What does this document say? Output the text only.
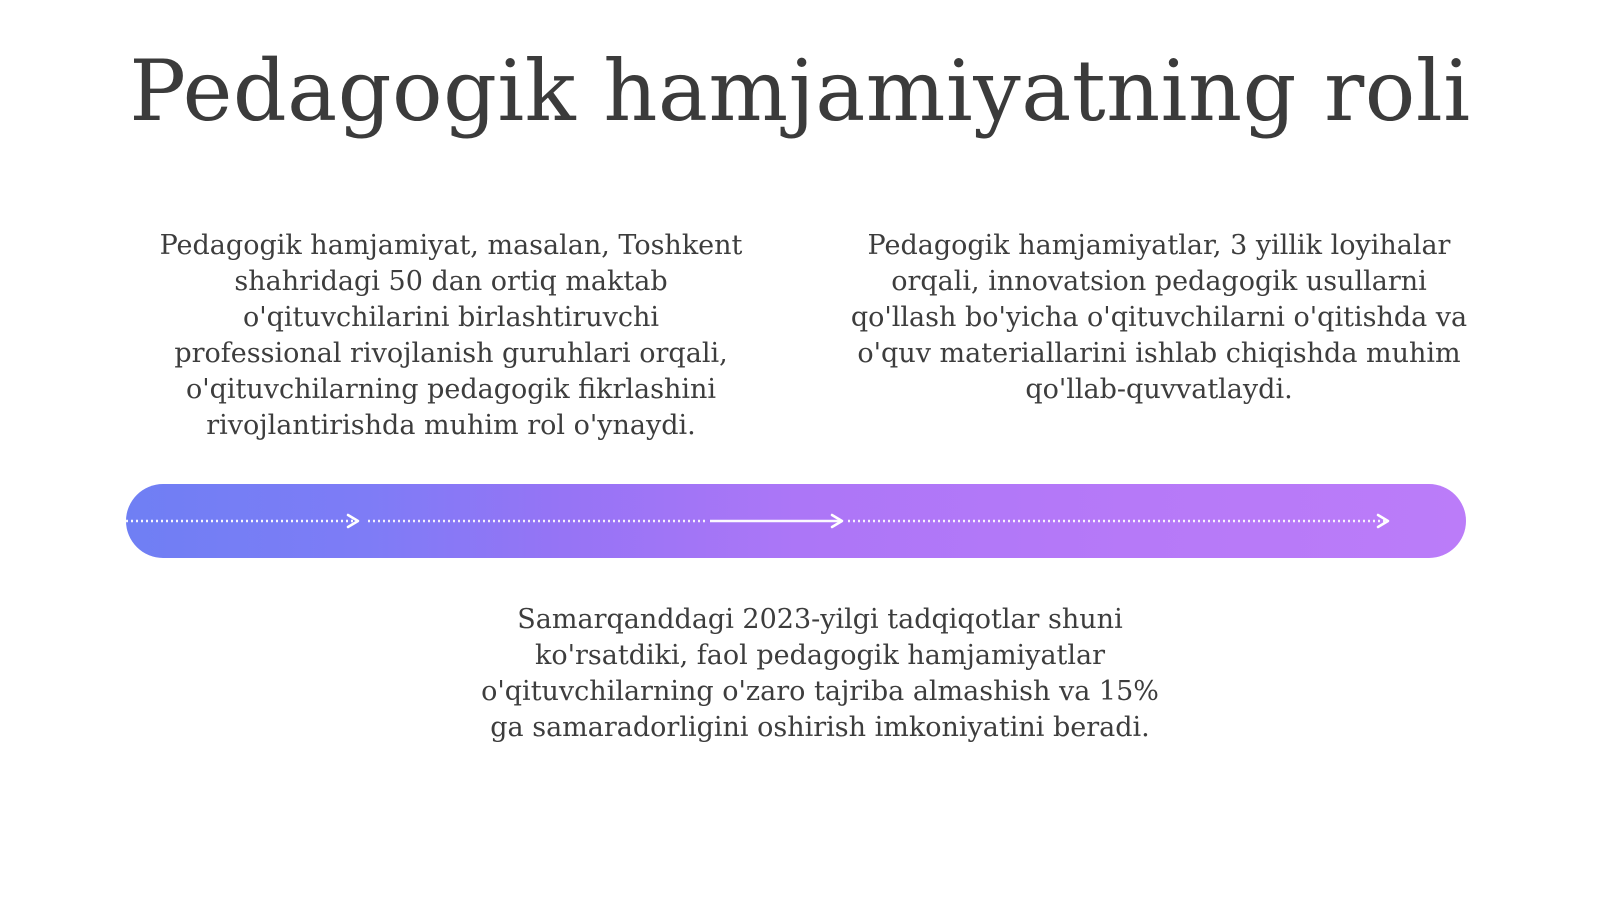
Pedagogik hamjamiyatning roli

Pedagogik hamjamiyat, masalan, Toshkent shahridagi 50 dan ortiq maktab o'qituvchilarini birlashtiruvchi professional rivojlanish guruhlari orqali, o'qituvchilarning pedagogik fikrlashini rivojlantirishda muhim rol o'ynaydi.

Pedagogik hamjamiyatlar, 3 yillik loyihalar orqali, innovatsion pedagogik usullarni qo'llash bo'yicha o'qituvchilarni o'qitishda va o'quv materiallarini ishlab chiqishda muhim qo'llab-quvvatlaydi.

Samarqanddagi 2023-yilgi tadqiqotlar shuni ko'rsatdiki, faol pedagogik hamjamiyatlar o'qituvchilarning o'zaro tajriba almashish va 15% ga samaradorligini oshirish imkoniyatini beradi.
